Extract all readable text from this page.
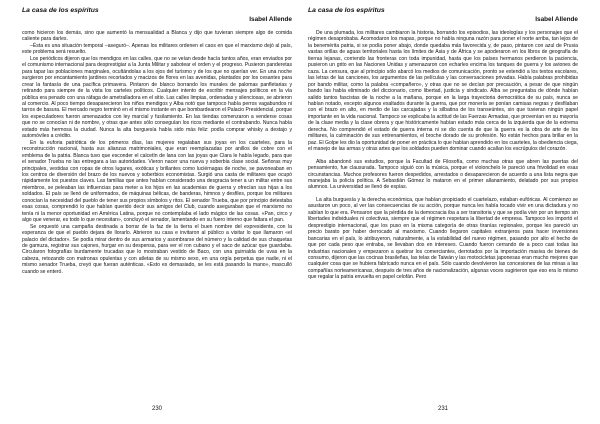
La casa de los espíritus
Isabel Allende

como hicieron los demás, sino que aumentó la mensualidad a Blanca y dijo que tuvieran siempre algo de comida caliente para darles.

–Ésta es una situación temporal –aseguró–. Apenas los militares ordenen el caos en que el marxismo dejó al país, este problema será resuelto.

Los periódicos dijeron que los mendigos en las calles, que no se veían desde hacía tantos años, eran enviados por el comunismo internacional para desprestigiar a la Junta Militar y sabotear el orden y el progreso. Pusieron panderetas para tapar las poblaciones marginales, ocultándolas a los ojos del turismo y de los que no querían ver. En una noche surgieron por encantamiento jardines recortados y macizos de flores en las avenidas, plantados por los cesantes para crear la fantasía de una pacífica primavera. Pintaron de blanco borrando los murales de palomas panfletarias y retirando para siempre de la vista los carteles políticos. Cualquier intento de escribir mensajes políticos en la vía pública era penado con una ráfaga de ametralladora en el sitio. Las calles limpias, ordenadas y silenciosas, se abrieron al comercio. Al poco tiempo desaparecieron los niños mendigos y Alba notó que tampoco había perros vagabundos ni tarros de basura. El mercado negro terminó en el mismo instante en que bombardearon el Palacio Presidencial, porque los especuladores fueron amenazados con ley marcial y fusilamiento. En las tiendas comenzaron a venderse cosas que no se conocían ni de nombre, y otras que antes sólo conseguían los ricos mediante el contrabando. Nunca había estado más hermosa la ciudad. Nunca la alta burguesía había sido más feliz: podía comprar whisky a destajo y automóviles a crédito.

En la euforia patriótica de los primeros días, las mujeres regalaban sus joyas en los cuarteles, para la reconstrucción nacional, hasta sus alianzas matrimoniales, que eran reemplazadas por anillos de cobre con el emblema de la patria. Blanca tuvo que esconder el calcetín de lana con las joyas que Clara le había legado, para que el senador Trueba no las entregara a las autoridades. Vieron nacer una nueva y soberbia clase social. Señoras muy principales, vestidas con ropas de otros lugares, exóticas y brillantes como luciérnagas de noche, se pavoneaban en los centros de diversión del brazo de los nuevos y soberbios economistas. Surgió una casta de militares que ocupó rápidamente los puestos claves. Las familias que antes habían considerado una desgracia tener a un militar entre sus miembros, se peleaban las influencias para meter a los hijos en las academias de guerra y ofrecían sus hijas a los soldados. El país se llenó de uniformados, de máquinas bélicas, de banderas, himnos y desfiles, porque los militares conocían la necesidad del pueblo de tener sus propios símbolos y ritos. El senador Trueba, que por principio detestaba esas cosas, comprendió lo que habían querido decir sus amigos del Club, cuando aseguraban que el marxismo no tenía ni la menor oportunidad en América Latina, porque no contemplaba el lado mágico de las cosas. «Pan, circo y algo que venerar, es todo lo que necesitan», concluyó el senador, lamentando en su fuero interno que faltara el pan.

Se orquestó una campaña destinada a borrar de la faz de la tierra el buen nombre del expresidente, con la esperanza de que el pueblo dejara de llorarlo. Abrieron su casa e invitaron al público a visitar lo que llamaron «el palacio del dictador». Se podía mirar dentro de sus armarios y asombrarse del número y la calidad de sus chaquetas de gamuza, registrar sus cajones, hurgar en su despensa, para ver el ron cubano y el saco de azúcar que guardaba. Circularon fotografías burdamente trucadas que lo mostraban vestido de Baco, con una guirnalda de uvas en la cabeza, retozando con matronas opulentas y con atletas de su mismo sexo, en una orgía perpetua que nadie, ni el mismo senador Trueba, creyó que fueran auténticas. «Esto es demasiado, se les está pasando la mano», masculló cuando se enteró.

230
La casa de los espíritus
Isabel Allende

De una plumada, los militares cambiaron la historia, borrando los episodios, las ideologías y los personajes que el régimen desaprobaba. Acomodaron los mapas, porque no había ninguna razón para poner el norte arriba, tan lejos de la benemérita patria, si se podía poner abajo, donde quedaba más favorecida y, de paso, pintaron con azul de Prusia vastas orillas de aguas territoriales hasta los límites de Asia y de África y se apoderaron en los libros de geografía de tierras lejanas, corriendo las fronteras con toda impunidad, hasta que los países hermanos perdieron la paciencia, pusieron un grito en las Naciones Unidas y amenazaron con echarles encima los tanques de guerra y los aviones de caza. La censura, que al principio sólo abarcó los medios de comunicación, pronto se extendió a los textos escolares, las letras de las canciones, los argumentos de las películas y las conversaciones privadas. Había palabras prohibidas por bando militar, como la palabra «compañero», y otras que no se decían por precaución, a pesar de que ningún bando las había eliminado del diccionario, como libertad, justicia y sindicato. Alba se preguntaba de dónde habían salido tantos fascistas de la noche a la mañana, porque en la larga trayectoria democrática de su país, nunca se habían notado, excepto algunos exaltados durante la guerra, que por monería se ponían camisas negras y desfilaban con el brazo en alto, en medio de las carcajadas y la silbatina de los transeúntes, sin que tuvieran ningún papel importante en la vida nacional. Tampoco se explicaba la actitud de las Fuerzas Armadas, que provenían en su mayoría de la clase media y la clase obrera y que históricamente habían estado más cerca de la izquierda que de la extrema derecha. No comprendió el estado de guerra interna ni se dio cuenta de que la guerra es la obra de arte de los militares, la culminación de sus entrenamientos, el broche dorado de su profesión. No están hechos para brillar en la paz. El Golpe les dio la oportunidad de poner en práctica lo que habían aprendido en los cuarteles, la obediencia ciega, el manejo de las armas y otras artes que los soldados pueden dominar cuando acallan los escrúpulos del corazón.

Alba abandonó sus estudios, porque la Facultad de Filosofía, como muchas otras que abren las puertas del pensamiento, fue clausurada. Tampoco siguió con la música, porque el violonchelo le pareció una frivolidad en esas circunstancias. Muchos profesores fueron despedidos, arrestados o desaparecieron de acuerdo a una lista negra que manejaba la policía política. A Sebastián Gómez lo mataron en el primer allanamiento, delatado por sus propios alumnos. La universidad se llenó de espías.

La alta burguesía y la derecha económica, que habían propiciado el cuartelazo, estaban eufóricas. Al comienzo se asustaron un poco, al ver las consecuencias de su acción, porque nunca les había tocado vivir en una dictadura y no sabían lo que era. Pensaron que la pérdida de la democracia iba a ser transitoria y que se podía vivir por un tiempo sin libertades individuales ni colectivas, siempre que el régimen respetara la libertad de empresa. Tampoco les importó el desprestigio internacional, que los puso en la misma categoría de otras tiranías regionales, porque les pareció un precio barato por haber derrocado al marxismo. Cuando llegaron capitales extranjeros para hacer inversiones bancarias en el país, lo atribuyeron, naturalmente, a la estabilidad del nuevo régimen, pasando por alto el hecho de que por cada peso que entraba, se llevaban dos en intereses. Cuando fueron cerrando de a poco casi todas las industrias nacionales y empezaron a quebrar los comerciantes, derrotados por la importación masiva de bienes de consumo, dijeron que las cocinas brasileñas, las telas de Taiwán y las motocicletas japonesas eran mucho mejores que cualquier cosa que se hubiera fabricado nunca en el país. Sólo cuando devolvieron las concesiones de las minas a las compañías norteamericanas, después de tres años de nacionalización, algunas voces sugirieron que eso era lo mismo que regalar la patria envuelta en papel celofán. Pero

231
